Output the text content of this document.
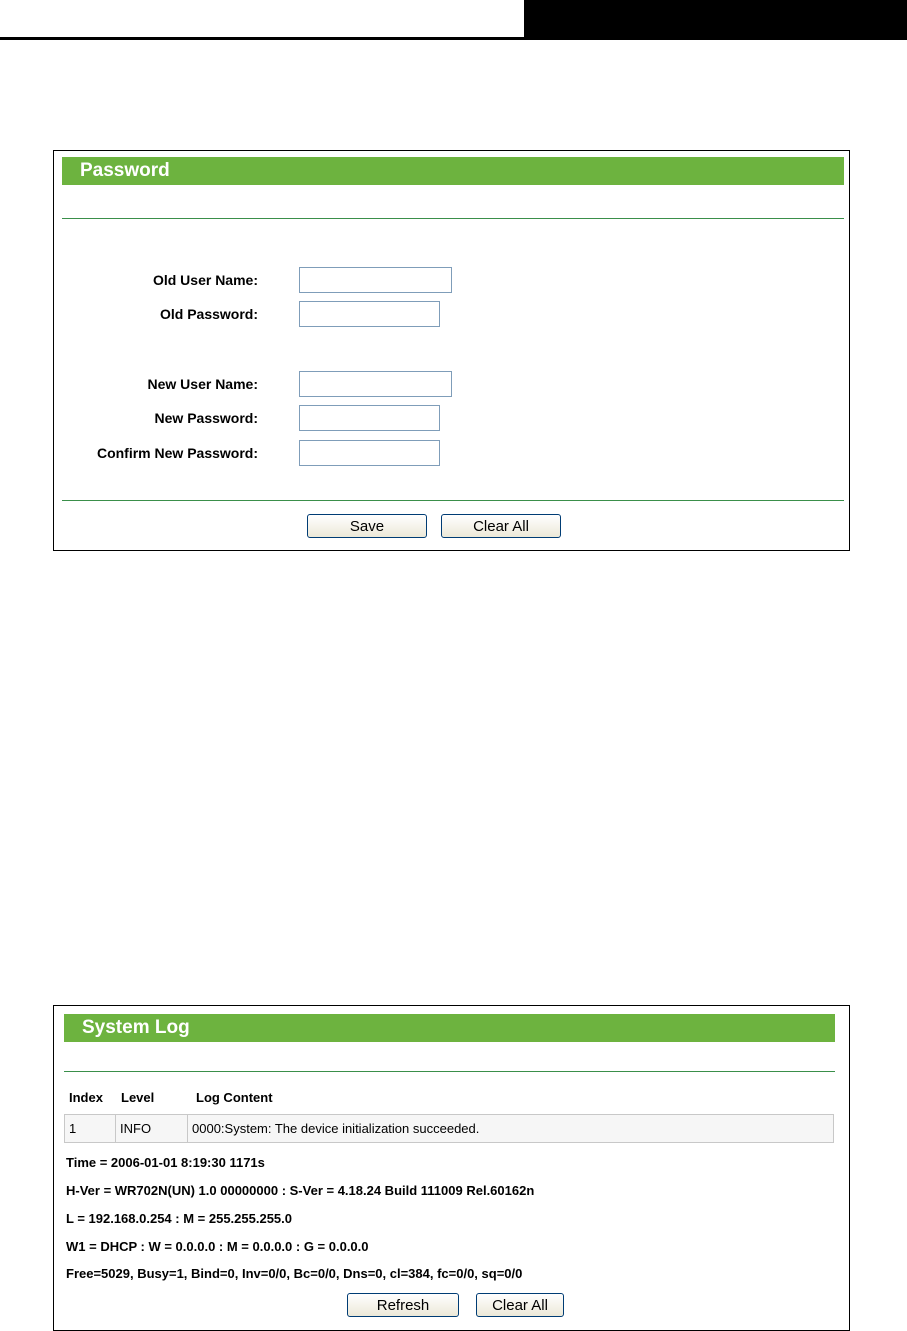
Password
Old User Name:
Old Password:
New User Name:
New Password:
Confirm New Password:
Save	Clear All
System Log
Index Level	Log Content
1	INFO	0000:System: The device initialization succeeded.
Time = 2006-01-01 8:19:30 1171s
H-Ver = WR702N(UN) 1.0 00000000 : S-Ver = 4.18.24 Build 111009 Rel.60162n
L = 192.168.0.254 : M = 255.255.255.0
W1 = DHCP : W = 0.0.0.0 : M = 0.0.0.0 : G = 0.0.0.0
Free=5029, Busy=1, Bind=0, Inv=0/0, Bc=0/0, Dns=0, cl=384, fc=0/0, sq=0/0
Refresh	Clear All
